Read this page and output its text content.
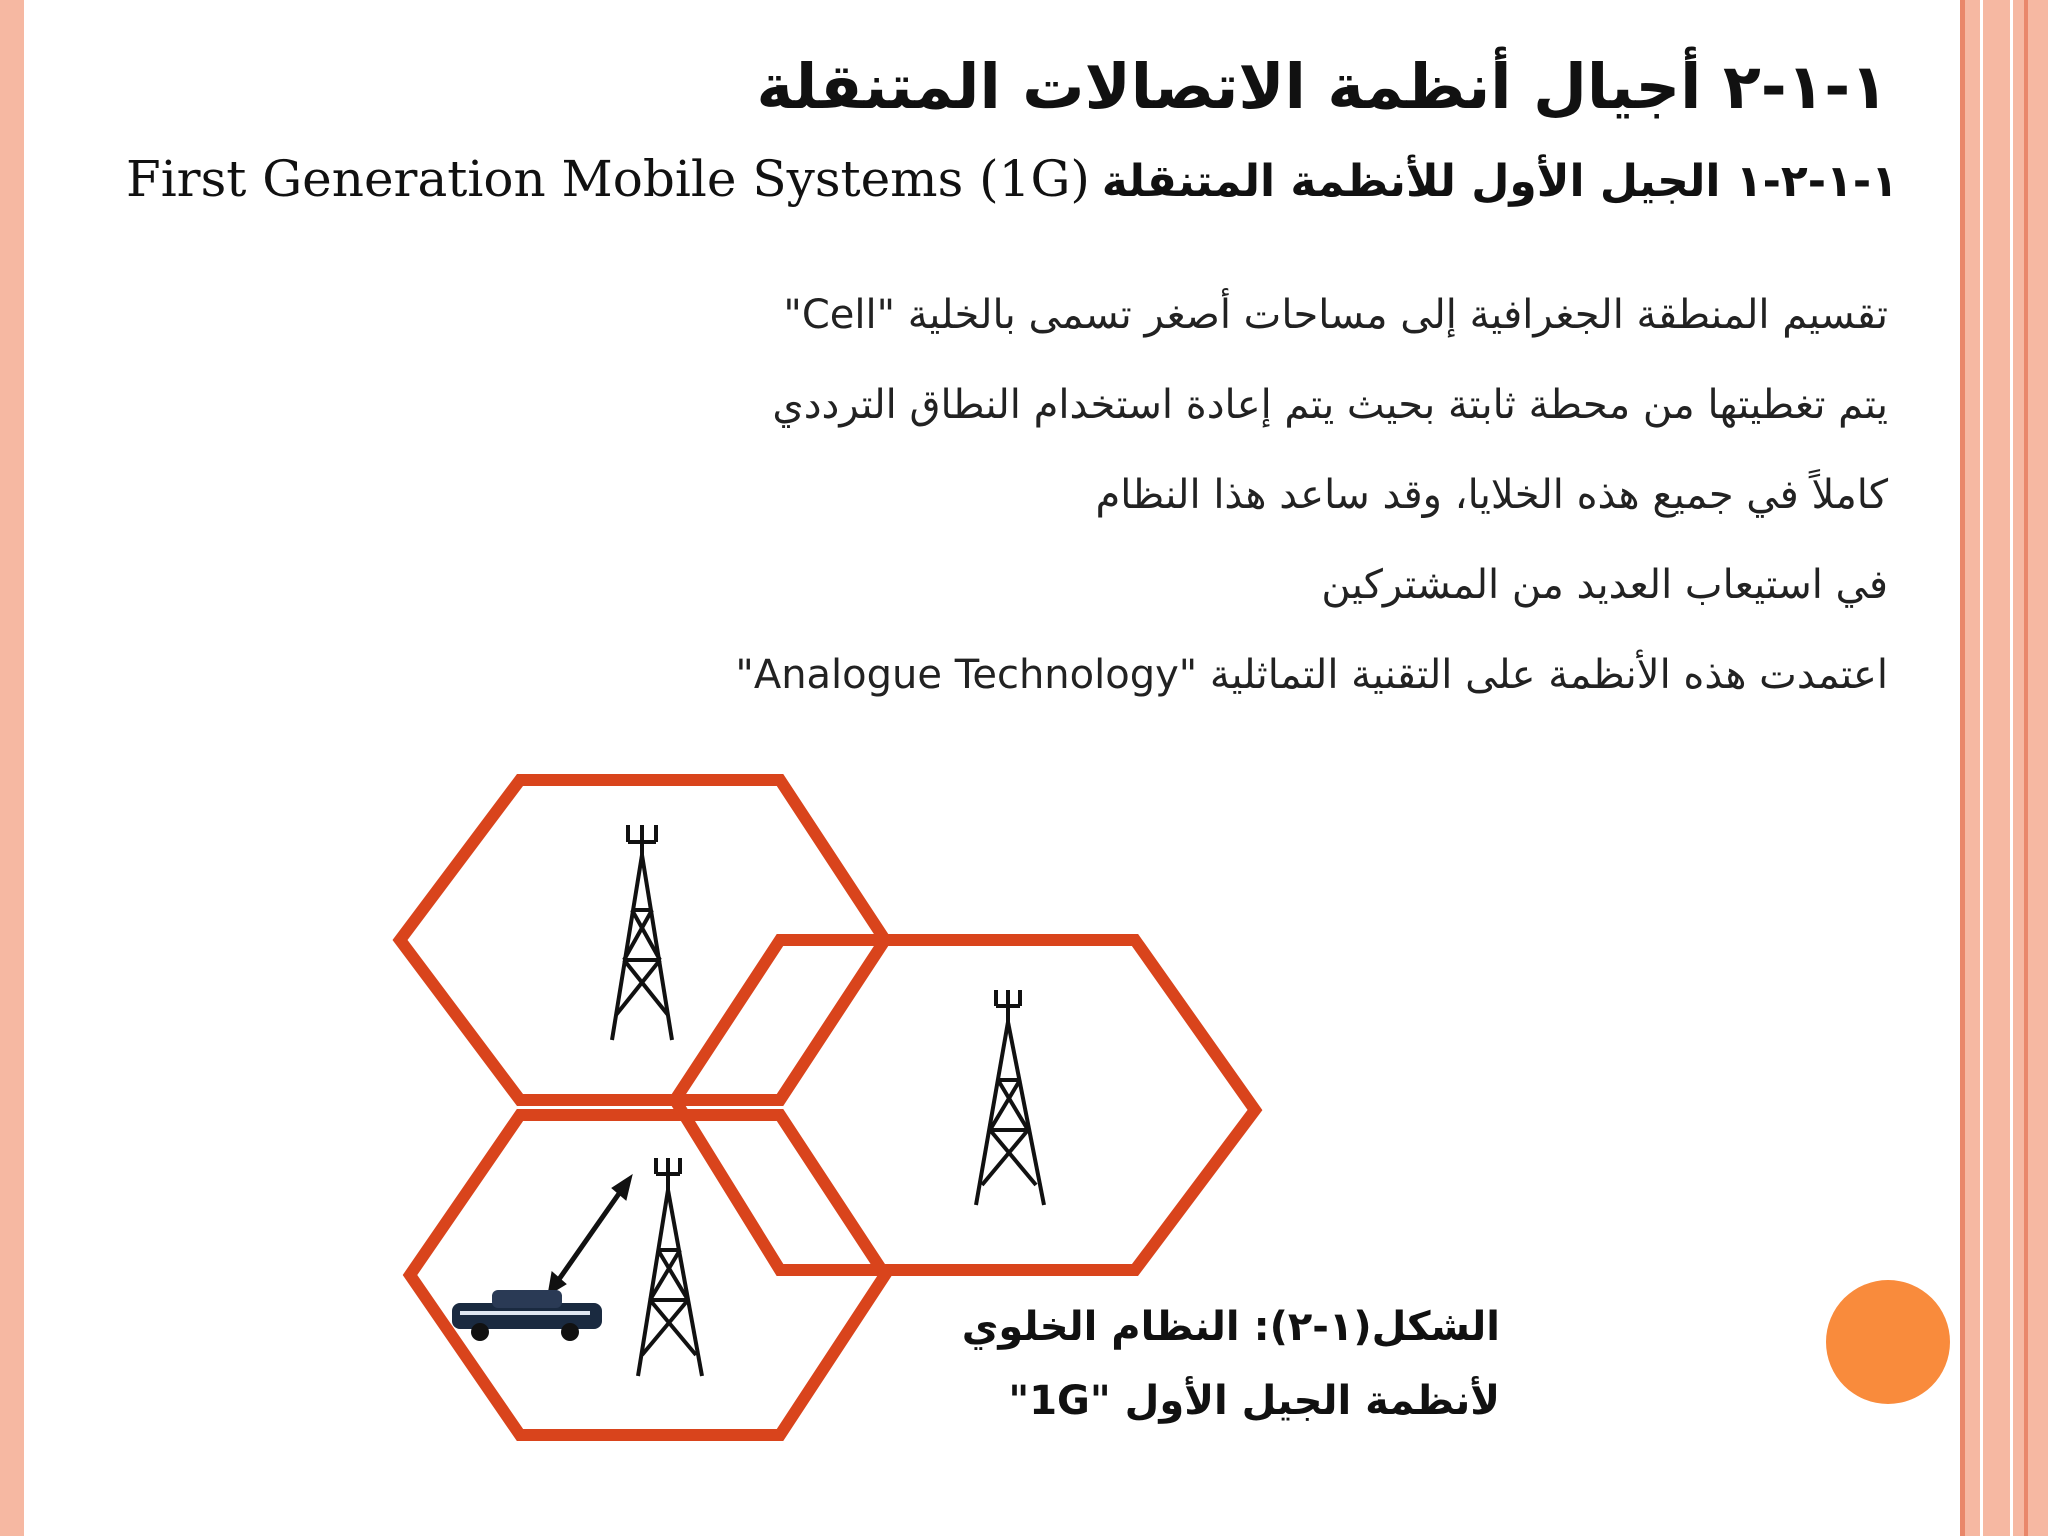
١-١-٢ أجيال أنظمة الاتصالات المتنقلة
First Generation Mobile Systems (1G) ١-١-٢-١ الجيل الأول للأنظمة المتنقلة
تقسيم المنطقة الجغرافية إلى مساحات أصغر تسمى بالخلية "Cell"
يتم تغطيتها من محطة ثابتة بحيث يتم إعادة استخدام النطاق الترددي
كاملاً في جميع هذه الخلايا، وقد ساعد هذا النظام
في استيعاب العديد من المشتركين
اعتمدت هذه الأنظمة على التقنية التماثلية "Analogue Technology"
الشكل(١-٢): النظام الخلوي
لأنظمة الجيل الأول "1G"
